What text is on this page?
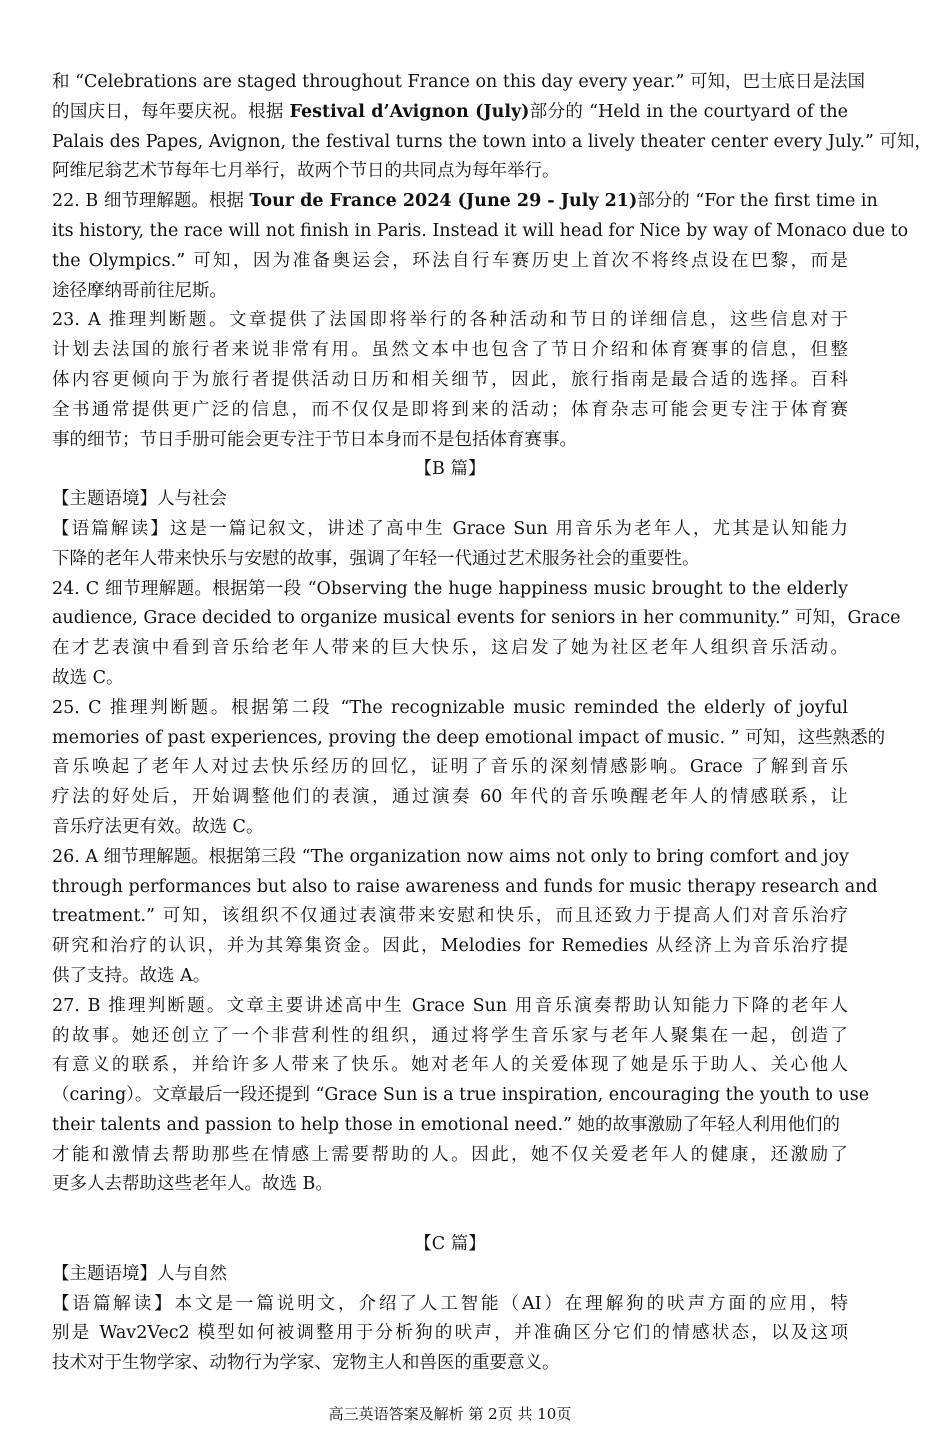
和 “Celebrations are staged throughout France on this day every year.” 可知，巴士底日是法国
的国庆日，每年要庆祝。根据 Festival d’Avignon (July)部分的 “Held in the courtyard of the
Palais des Papes, Avignon, the festival turns the town into a lively theater center every July.” 可知，
阿维尼翁艺术节每年七月举行，故两个节日的共同点为每年举行。
22. B 细节理解题。根据 Tour de France 2024 (June 29 - July 21)部分的 “For the first time in
its history, the race will not finish in Paris. Instead it will head for Nice by way of Monaco due to
the Olympics.” 可知，因为准备奥运会，环法自行车赛历史上首次不将终点设在巴黎，而是
途径摩纳哥前往尼斯。
23. A 推理判断题。文章提供了法国即将举行的各种活动和节日的详细信息，这些信息对于
计划去法国的旅行者来说非常有用。虽然文本中也包含了节日介绍和体育赛事的信息，但整
体内容更倾向于为旅行者提供活动日历和相关细节，因此，旅行指南是最合适的选择。百科
全书通常提供更广泛的信息，而不仅仅是即将到来的活动；体育杂志可能会更专注于体育赛
事的细节；节日手册可能会更专注于节日本身而不是包括体育赛事。
【B 篇】
【主题语境】人与社会
【语篇解读】这是一篇记叙文，讲述了高中生 Grace Sun 用音乐为老年人，尤其是认知能力
下降的老年人带来快乐与安慰的故事，强调了年轻一代通过艺术服务社会的重要性。
24. C 细节理解题。根据第一段 “Observing the huge happiness music brought to the elderly
audience, Grace decided to organize musical events for seniors in her community.” 可知，Grace
在才艺表演中看到音乐给老年人带来的巨大快乐，这启发了她为社区老年人组织音乐活动。
故选 C。
25. C 推理判断题。根据第二段 “The recognizable music reminded the elderly of joyful
memories of past experiences, proving the deep emotional impact of music. ” 可知，这些熟悉的
音乐唤起了老年人对过去快乐经历的回忆，证明了音乐的深刻情感影响。Grace 了解到音乐
疗法的好处后，开始调整他们的表演，通过演奏 60 年代的音乐唤醒老年人的情感联系，让
音乐疗法更有效。故选 C。
26. A 细节理解题。根据第三段 “The organization now aims not only to bring comfort and joy
through performances but also to raise awareness and funds for music therapy research and
treatment.” 可知，该组织不仅通过表演带来安慰和快乐，而且还致力于提高人们对音乐治疗
研究和治疗的认识，并为其筹集资金。因此，Melodies for Remedies 从经济上为音乐治疗提
供了支持。故选 A。
27. B 推理判断题。文章主要讲述高中生 Grace Sun 用音乐演奏帮助认知能力下降的老年人
的故事。她还创立了一个非营利性的组织，通过将学生音乐家与老年人聚集在一起，创造了
有意义的联系，并给许多人带来了快乐。她对老年人的关爱体现了她是乐于助人、关心他人
（caring）。文章最后一段还提到 “Grace Sun is a true inspiration, encouraging the youth to use
their talents and passion to help those in emotional need.” 她的故事激励了年轻人利用他们的
才能和激情去帮助那些在情感上需要帮助的人。因此，她不仅关爱老年人的健康，还激励了
更多人去帮助这些老年人。故选 B。
【C 篇】
【主题语境】人与自然
【语篇解读】本文是一篇说明文，介绍了人工智能（AI）在理解狗的吠声方面的应用，特
别是 Wav2Vec2 模型如何被调整用于分析狗的吠声，并准确区分它们的情感状态，以及这项
技术对于生物学家、动物行为学家、宠物主人和兽医的重要意义。
高三英语答案及解析 第 2页 共 10页
